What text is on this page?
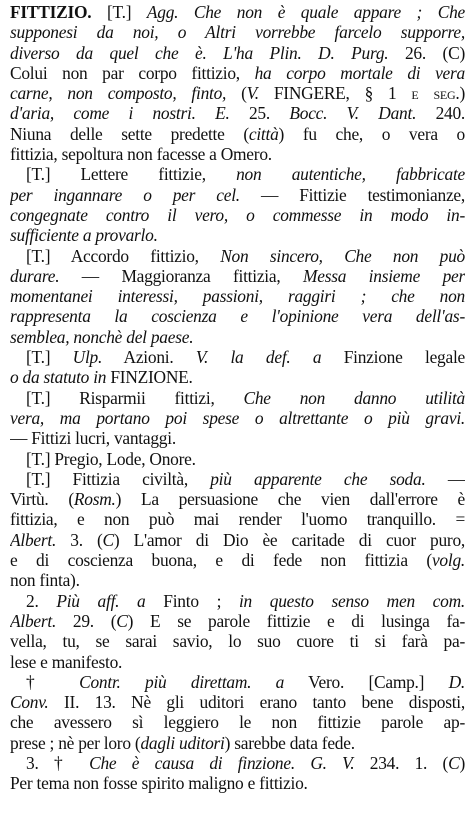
FITTIZIO. [T.] Agg. Che non è quale appare ; Che
supponesi da noi, o Altri vorrebbe farcelo supporre,
diverso da quel che è. L'ha Plin. D. Purg. 26. (C)
Colui non par corpo fittizio, ha corpo mortale di vera
carne, non composto, finto, (V. FINGERE, § 1 e seg.)
d'aria, come i nostri. E. 25. Bocc. V. Dant. 240.
Niuna delle sette predette (città) fu che, o vera o
fittizia, sepoltura non facesse a Omero.
[T.] Lettere fittizie, non autentiche, fabbricate
per ingannare o per cel. — Fittizie testimonianze,
congegnate contro il vero, o commesse in modo in-
sufficiente a provarlo.
[T.] Accordo fittizio, Non sincero, Che non può
durare. — Maggioranza fittizia, Messa insieme per
momentanei interessi, passioni, raggiri ; che non
rappresenta la coscienza e l'opinione vera dell'as-
semblea, nonchè del paese.
[T.] Ulp. Azioni. V. la def. a Finzione legale
o da statuto in FINZIONE.
[T.] Risparmii fittizi, Che non danno utilità
vera, ma portano poi spese o altrettante o più gravi.
— Fittizi lucri, vantaggi.
[T.] Pregio, Lode, Onore.
[T.] Fittizia civiltà, più apparente che soda. —
Virtù. (Rosm.) La persuasione che vien dall'errore è
fittizia, e non può mai render l'uomo tranquillo. =
Albert. 3. (C) L'amor di Dio èe caritade di cuor puro,
e di coscienza buona, e di fede non fittizia (volg.
non finta).
2. Più aff. a Finto ; in questo senso men com.
Albert. 29. (C) E se parole fittizie e di lusinga fa-
vella, tu, se sarai savio, lo suo cuore ti si farà pa-
lese e manifesto.
† Contr. più direttam. a Vero. [Camp.] D.
Conv. II. 13. Nè gli uditori erano tanto bene disposti,
che avessero sì leggiero le non fittizie parole ap-
prese ; nè per loro (dagli uditori) sarebbe data fede.
3. † Che è causa di finzione. G. V. 234. 1. (C)
Per tema non fosse spirito maligno e fittizio.
